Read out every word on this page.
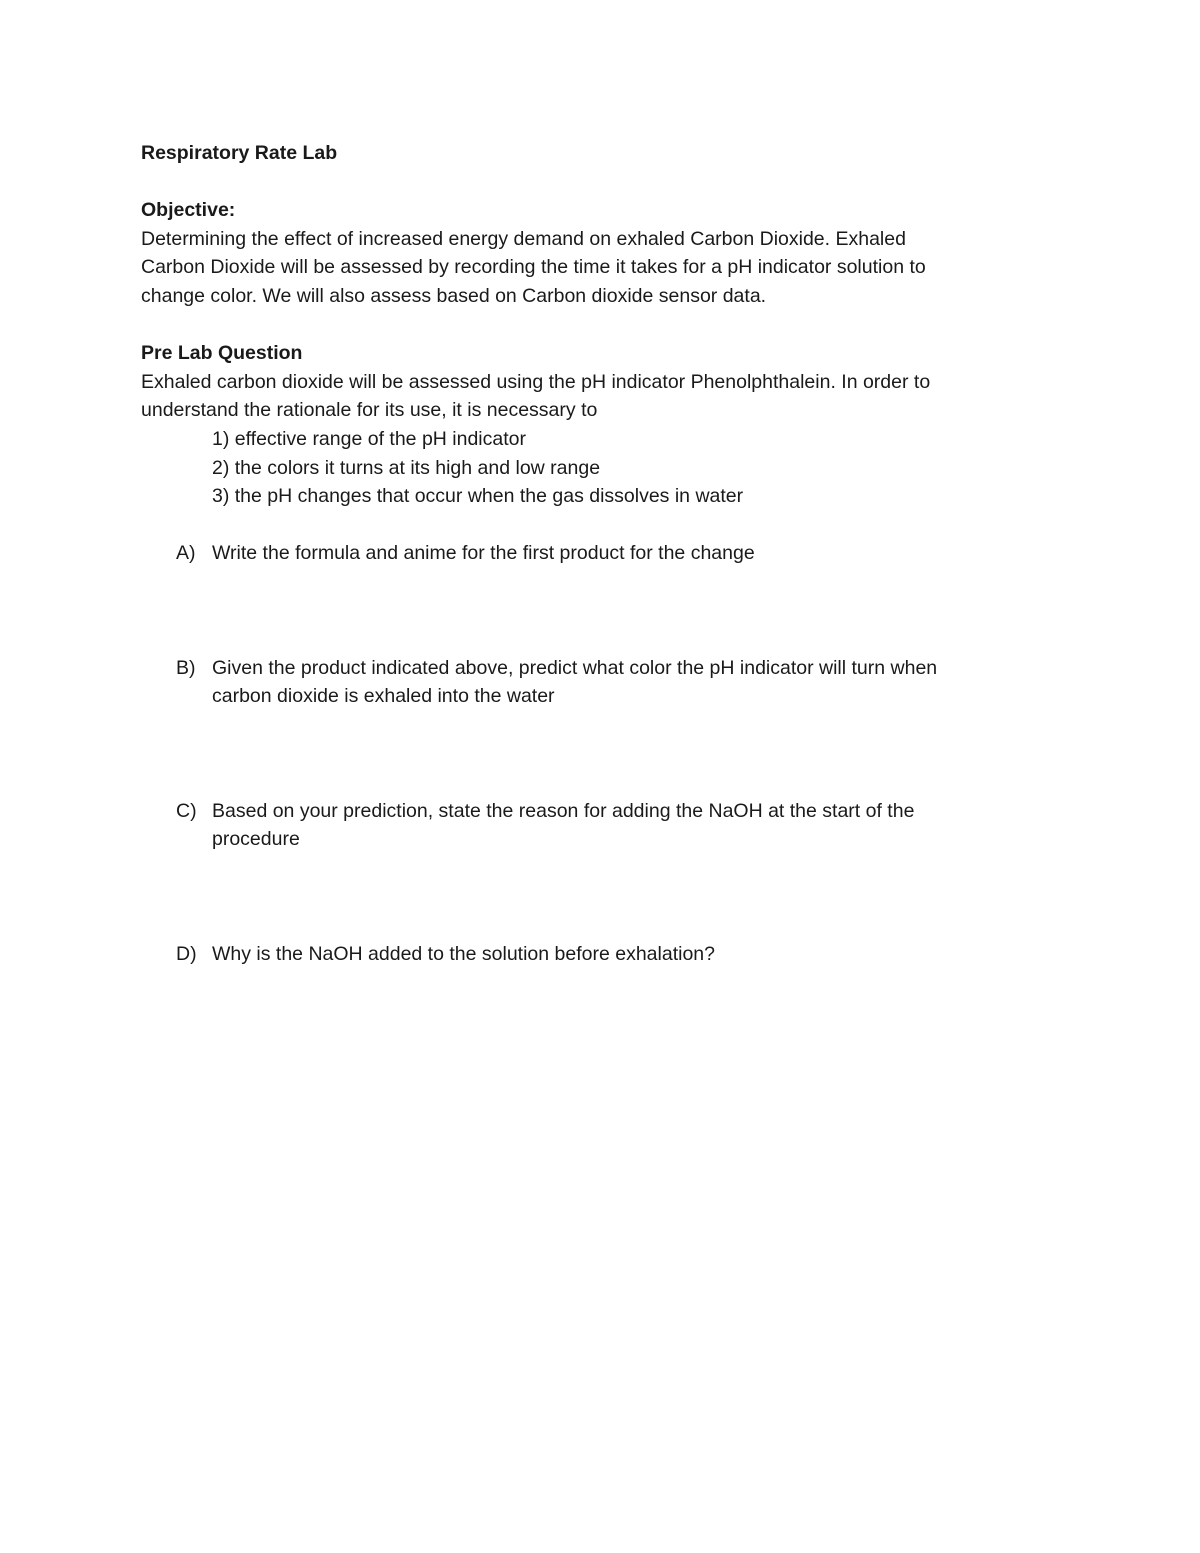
Respiratory Rate Lab
Objective:

Determining the effect of increased energy demand on exhaled Carbon Dioxide. Exhaled

Carbon Dioxide will be assessed by recording the time it takes for a pH indicator solution to

change color. We will also assess based on Carbon dioxide sensor data.

Pre Lab Question

Exhaled carbon dioxide will be assessed using the pH indicator Phenolphthalein. In order to

understand the rationale for its use, it is necessary to

1) effective range of the pH indicator
2) the colors it turns at its high and low range
3) the pH changes that occur when the gas dissolves in water
A) Write the formula and anime for the first product for the change

B) Given the product indicated above, predict what color the pH indicator will turn when

carbon dioxide is exhaled into the water

C) Based on your prediction, state the reason for adding the NaOH at the start of the

procedure

D) Why is the NaOH added to the solution before exhalation?
